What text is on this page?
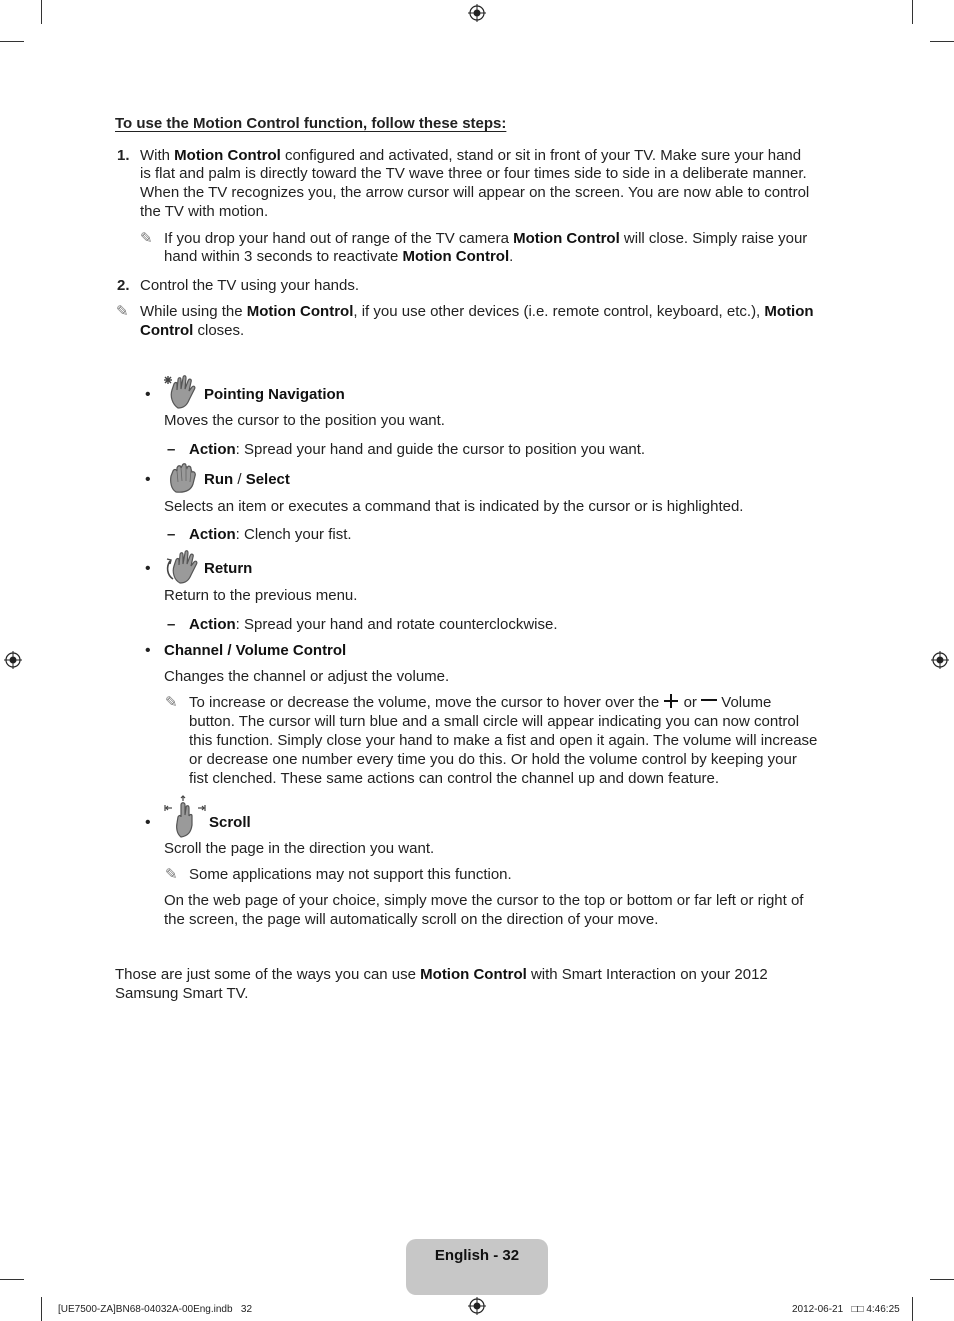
To use the Motion Control function, follow these steps:
1. With Motion Control configured and activated, stand or sit in front of your TV. Make sure your hand
is flat and palm is directly toward the TV wave three or four times side to side in a deliberate manner.
When the TV recognizes you, the arrow cursor will appear on the screen. You are now able to control
the TV with motion.
✎ If you drop your hand out of range of the TV camera Motion Control will close. Simply raise your
hand within 3 seconds to reactivate Motion Control.
2. Control the TV using your hands.
✎ While using the Motion Control, if you use other devices (i.e. remote control, keyboard, etc.), Motion
Control closes.
•	Pointing Navigation
Moves the cursor to the position you want.
– Action: Spread your hand and guide the cursor to position you want.
•	Run / Select
Selects an item or executes a command that is indicated by the cursor or is highlighted.
– Action: Clench your fist.
•	Return
Return to the previous menu.
– Action: Spread your hand and rotate counterclockwise.
• Channel / Volume Control
Changes the channel or adjust the volume.
✎ To increase or decrease the volume, move the cursor to hover over the or Volume
button. The cursor will turn blue and a small circle will appear indicating you can now control
this function. Simply close your hand to make a fist and open it again. The volume will increase
or decrease one number every time you do this. Or hold the volume control by keeping your
fist clenched. These same actions can control the channel up and down feature.
•	Scroll
Scroll the page in the direction you want.
✎ Some applications may not support this function.
On the web page of your choice, simply move the cursor to the top or bottom or far left or right of
the screen, the page will automatically scroll on the direction of your move.
Those are just some of the ways you can use Motion Control with Smart Interaction on your 2012
Samsung Smart TV.
English - 32
[UE7500-ZA]BN68-04032A-00Eng.indb   32	2012-06-21   □□ 4:46:25
